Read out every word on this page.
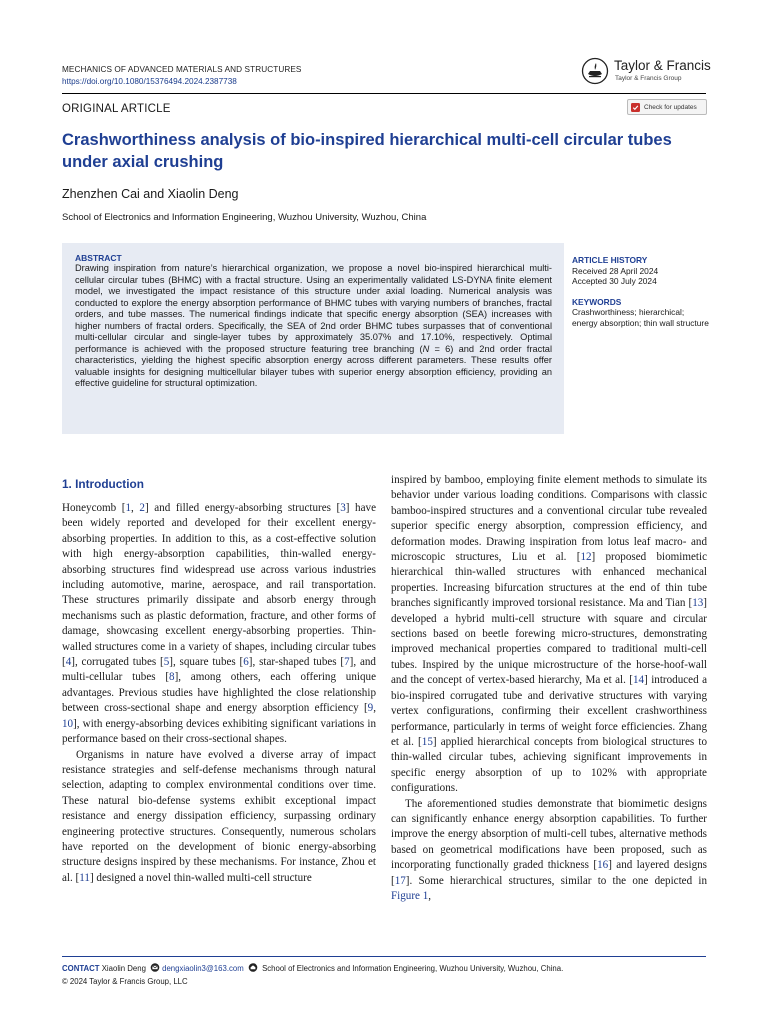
MECHANICS OF ADVANCED MATERIALS AND STRUCTURES
https://doi.org/10.1080/15376494.2024.2387738
Taylor & Francis
Taylor & Francis Group
ORIGINAL ARTICLE	Check for updates
Crashworthiness analysis of bio-inspired hierarchical multi-cell circular tubes under axial crushing
Zhenzhen Cai and Xiaolin Deng
School of Electronics and Information Engineering, Wuzhou University, Wuzhou, China
ABSTRACT
Drawing inspiration from nature’s hierarchical organization, we propose a novel bio-inspired hierarchical multi-cellular circular tubes (BHMC) with a fractal structure. Using an experimentally validated LS-DYNA finite element model, we investigated the impact resistance of this structure under axial loading. Numerical analysis was conducted to explore the energy absorption performance of BHMC tubes with varying numbers of branches, fractal orders, and tube masses. The numerical findings indicate that specific energy absorption (SEA) increases with higher numbers of fractal orders. Specifically, the SEA of 2nd order BHMC tubes surpasses that of conventional multi-cellular circular and single-layer tubes by approximately 35.07% and 17.10%, respectively. Optimal performance is achieved with the proposed structure featuring tree branching (N = 6) and 2nd order fractal characteristics, yielding the highest specific absorption energy across different parameters. These results offer valuable insights for designing multicellular bilayer tubes with superior energy absorption efficiency, providing an effective guideline for structural optimization.
ARTICLE HISTORY
Received 28 April 2024
Accepted 30 July 2024
KEYWORDS
Crashworthiness; hierarchical; energy absorption; thin wall structure
1. Introduction

Honeycomb [1, 2] and filled energy-absorbing structures [3] have been widely reported and developed for their excellent energy-absorbing properties. In addition to this, as a cost-effective solution with high energy-absorption capabilities, thin-walled energy-absorbing structures find widespread use across various industries including automotive, marine, aerospace, and rail transportation. These structures primarily dissipate and absorb energy through mechanisms such as plastic deformation, fracture, and other forms of damage, showcasing excellent energy-absorbing properties. Thin-walled structures come in a variety of shapes, including circular tubes [4], corrugated tubes [5], square tubes [6], star-shaped tubes [7], and multi-cellular tubes [8], among others, each offering unique advantages. Previous studies have highlighted the close relationship between cross-sectional shape and energy absorption efficiency [9, 10], with energy-absorbing devices exhibiting significant variations in performance based on their cross-sectional shapes.

Organisms in nature have evolved a diverse array of impact resistance strategies and self-defense mechanisms through natural selection, adapting to complex environmental conditions over time. These natural bio-defense systems exhibit exceptional impact resistance and energy dissipation efficiency, surpassing ordinary engineering protective structures. Consequently, numerous scholars have reported on the development of bionic energy-absorbing structure designs inspired by these mechanisms. For instance, Zhou et al. [11] designed a novel thin-walled multi-cell structure

inspired by bamboo, employing finite element methods to simulate its behavior under various loading conditions. Comparisons with classic bamboo-inspired structures and a conventional circular tube revealed superior specific energy absorption, compression efficiency, and deformation modes. Drawing inspiration from lotus leaf macro- and microscopic structures, Liu et al. [12] proposed biomimetic hierarchical thin-walled structures with enhanced mechanical properties. Increasing bifurcation structures at the end of thin tube branches significantly improved torsional resistance. Ma and Tian [13] developed a hybrid multi-cell structure with square and circular sections based on beetle forewing micro-structures, demonstrating improved mechanical properties compared to traditional multi-cell tubes. Inspired by the unique microstructure of the horse-hoof-wall and the concept of vertex-based hierarchy, Ma et al. [14] introduced a bio-inspired corrugated tube and derivative structures with varying vertex configurations, confirming their excellent crashworthiness performance, particularly in terms of weight force efficiencies. Zhang et al. [15] applied hierarchical concepts from biological structures to thin-walled circular tubes, achieving significant improvements in specific energy absorption of up to 102% with appropriate configurations.

The aforementioned studies demonstrate that biomimetic designs can significantly enhance energy absorption capabilities. To further improve the energy absorption of multi-cell tubes, alternative methods based on geometrical modifications have been proposed, such as incorporating functionally graded thickness [16] and layered designs [17]. Some hierarchical structures, similar to the one depicted in Figure 1,

CONTACT Xiaolin Deng dengxiaolin3@163.com School of Electronics and Information Engineering, Wuzhou University, Wuzhou, China.
© 2024 Taylor & Francis Group, LLC
